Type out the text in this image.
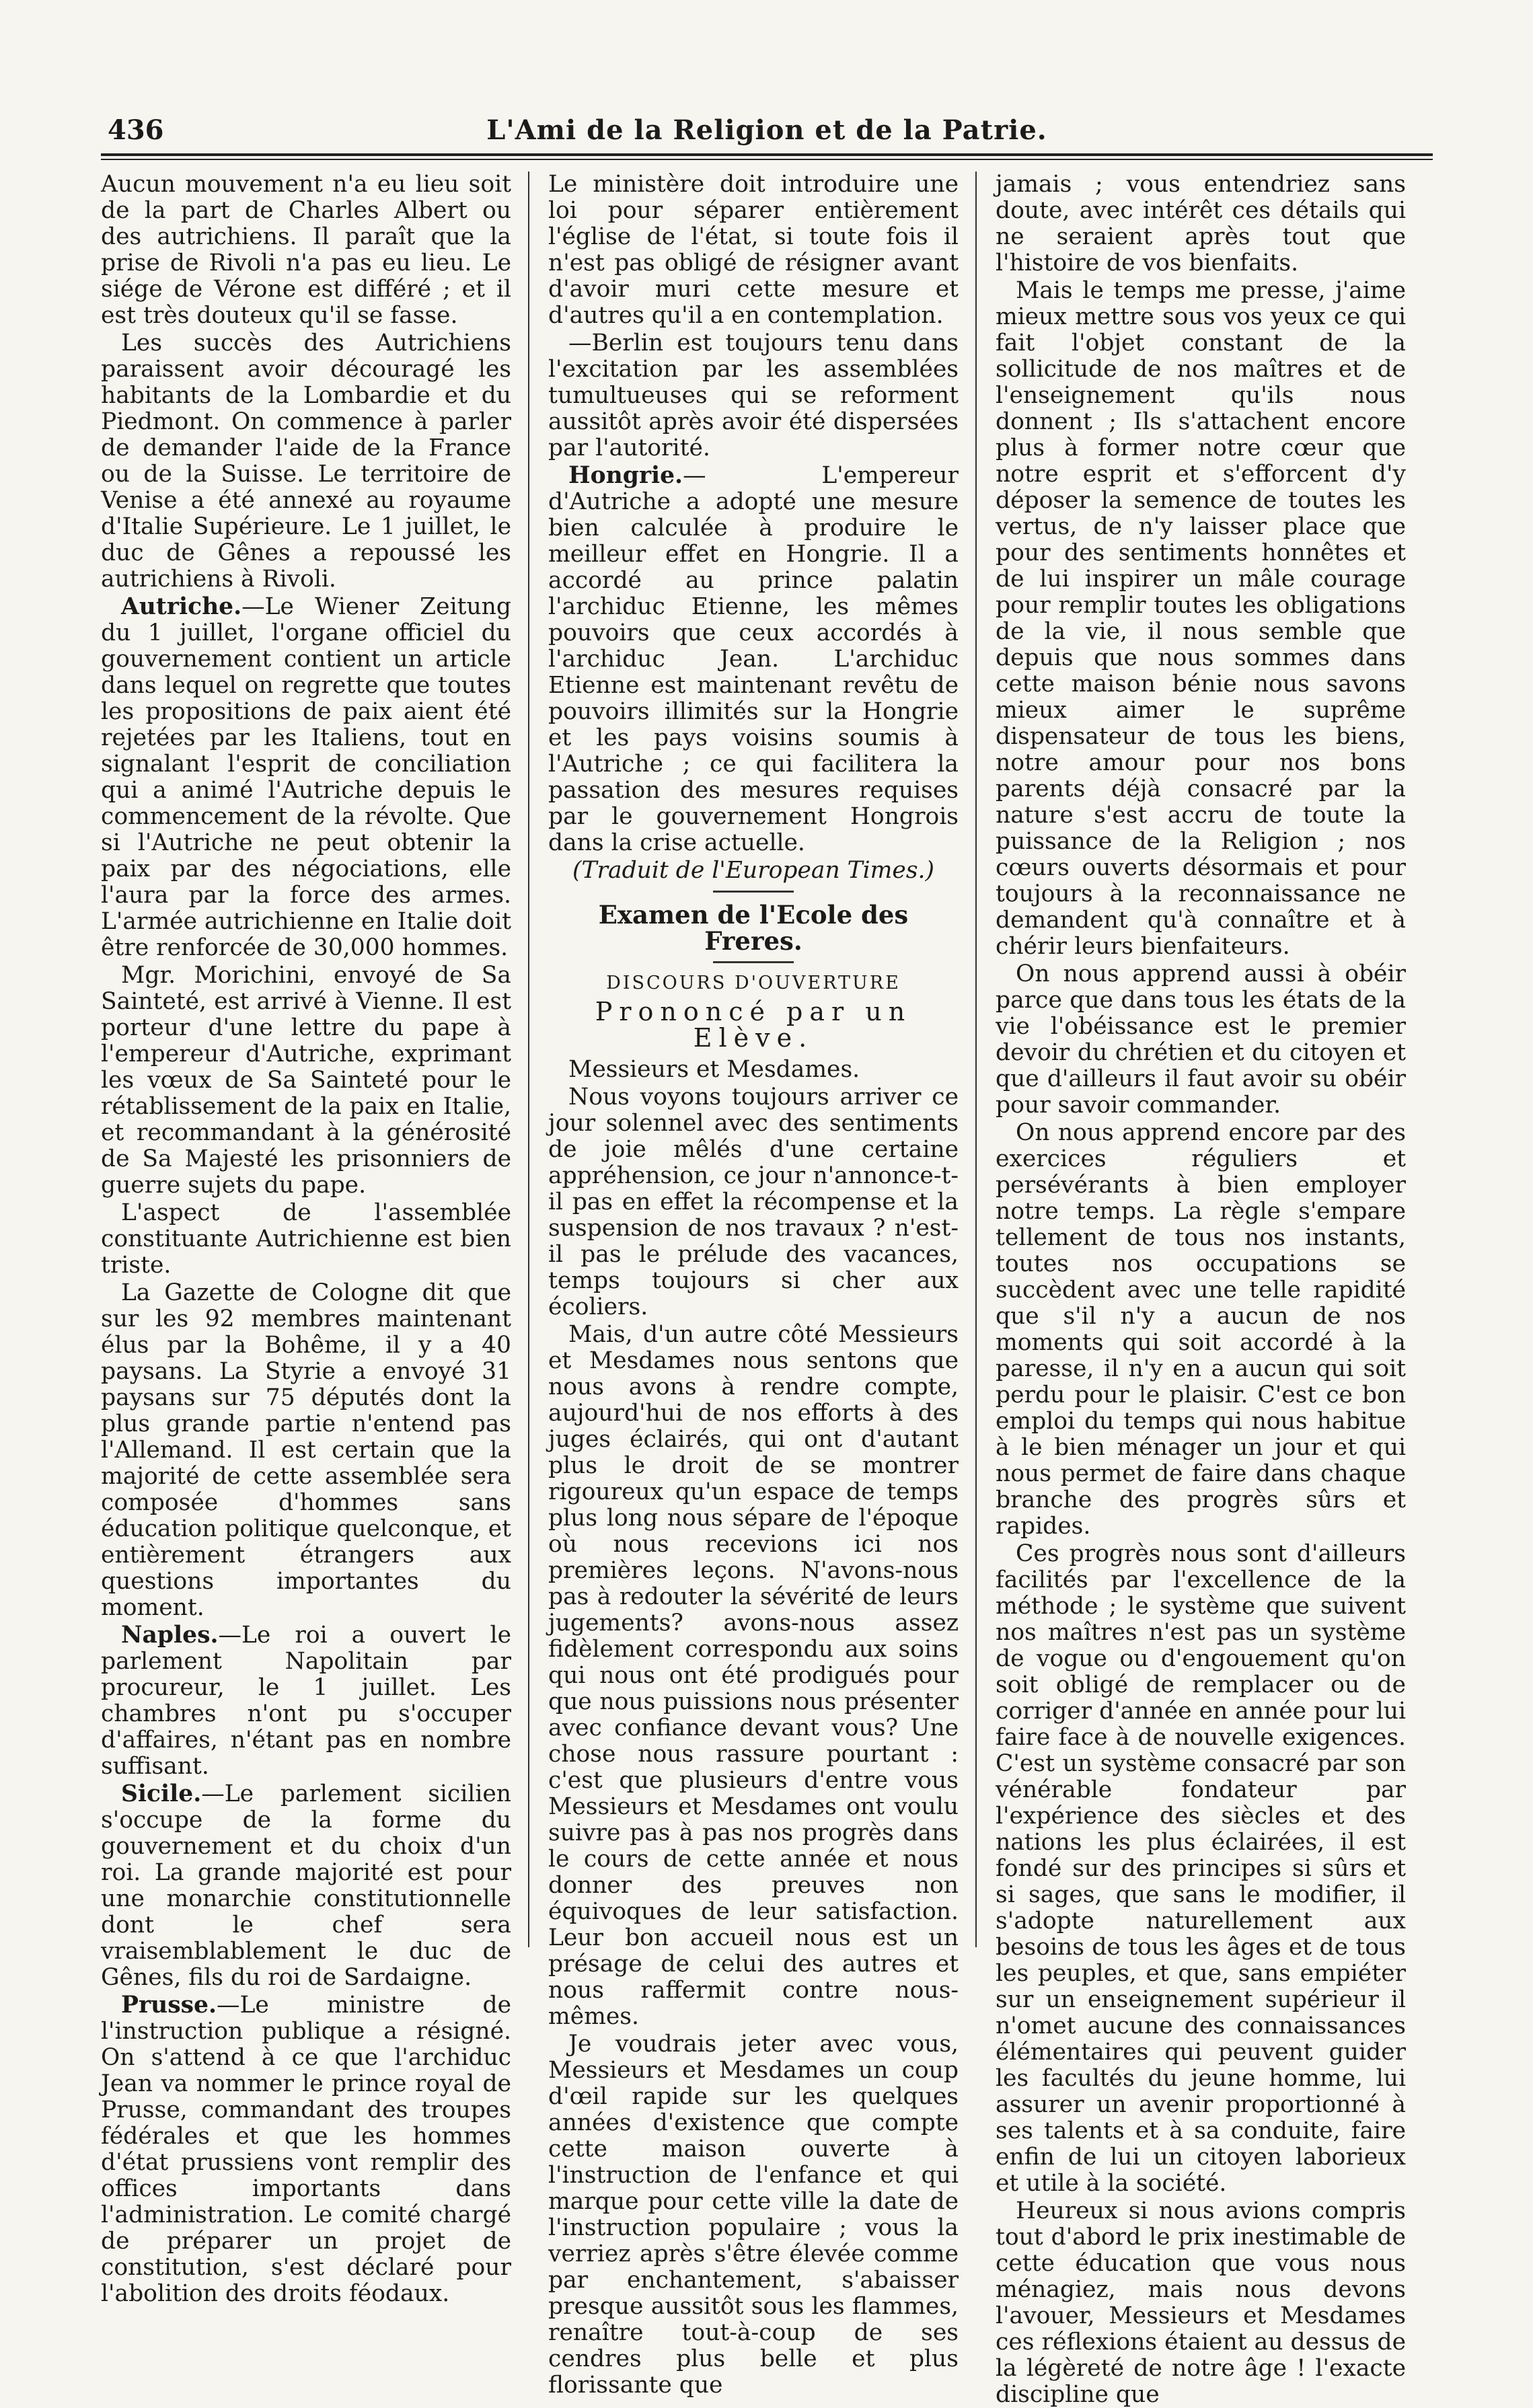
436	L'Ami de la Religion et de la Patrie.

Aucun mouvement n'a eu lieu soit de la part de Charles Albert ou des autrichiens. Il paraît que la prise de Rivoli n'a pas eu lieu. Le siége de Vérone est différé ; et il est très douteux qu'il se fasse.

Les succès des Autrichiens paraissent avoir découragé les habitants de la Lombardie et du Piedmont. On commence à parler de demander l'aide de la France ou de la Suisse. Le territoire de Venise a été annexé au royaume d'Italie Supérieure. Le 1 juillet, le duc de Gênes a repoussé les autrichiens à Rivoli.

Autriche.—Le Wiener Zeitung du 1 juillet, l'organe officiel du gouvernement contient un article dans lequel on regrette que toutes les propositions de paix aient été rejetées par les Italiens, tout en signalant l'esprit de conciliation qui a animé l'Autriche depuis le commencement de la révolte. Que si l'Autriche ne peut obtenir la paix par des négociations, elle l'aura par la force des armes. L'armée autrichienne en Italie doit être renforcée de 30,000 hommes.

Mgr. Morichini, envoyé de Sa Sainteté, est arrivé à Vienne. Il est porteur d'une lettre du pape à l'empereur d'Autriche, exprimant les vœux de Sa Sainteté pour le rétablissement de la paix en Italie, et recommandant à la générosité de Sa Majesté les prisonniers de guerre sujets du pape.

L'aspect de l'assemblée constituante Autrichienne est bien triste.

La Gazette de Cologne dit que sur les 92 membres maintenant élus par la Bohême, il y a 40 paysans. La Styrie a envoyé 31 paysans sur 75 députés dont la plus grande partie n'entend pas l'Allemand. Il est certain que la majorité de cette assemblée sera composée d'hommes sans éducation politique quelconque, et entièrement étrangers aux questions importantes du moment.

Naples.—Le roi a ouvert le parlement Napolitain par procureur, le 1 juillet. Les chambres n'ont pu s'occuper d'affaires, n'étant pas en nombre suffisant.

Sicile.—Le parlement sicilien s'occupe de la forme du gouvernement et du choix d'un roi. La grande majorité est pour une monarchie constitutionnelle dont le chef sera vraisemblablement le duc de Gênes, fils du roi de Sardaigne.

Prusse.—Le ministre de l'instruction publique a résigné. On s'attend à ce que l'archiduc Jean va nommer le prince royal de Prusse, commandant des troupes fédérales et que les hommes d'état prussiens vont remplir des offices importants dans l'administration. Le comité chargé de préparer un projet de constitution, s'est déclaré pour l'abolition des droits féodaux.

Le ministère doit introduire une loi pour séparer entièrement l'église de l'état, si toute fois il n'est pas obligé de résigner avant d'avoir muri cette mesure et d'autres qu'il a en contemplation.

—Berlin est toujours tenu dans l'excitation par les assemblées tumultueuses qui se reforment aussitôt après avoir été dispersées par l'autorité.

Hongrie.— L'empereur d'Autriche a adopté une mesure bien calculée à produire le meilleur effet en Hongrie. Il a accordé au prince palatin l'archiduc Etienne, les mêmes pouvoirs que ceux accordés à l'archiduc Jean. L'archiduc Etienne est maintenant revêtu de pouvoirs illimités sur la Hongrie et les pays voisins soumis à l'Autriche ; ce qui facilitera la passation des mesures requises par le gouvernement Hongrois dans la crise actuelle.

(Traduit de l'European Times.)
Examen de l'Ecole des Freres.
DISCOURS D'OUVERTURE
Prononcé par un Elève.

Messieurs et Mesdames.

Nous voyons toujours arriver ce jour solennel avec des sentiments de joie mêlés d'une certaine appréhension, ce jour n'annonce-t-il pas en effet la récompense et la suspension de nos travaux ? n'est-il pas le prélude des vacances, temps toujours si cher aux écoliers.

Mais, d'un autre côté Messieurs et Mesdames nous sentons que nous avons à rendre compte, aujourd'hui de nos efforts à des juges éclairés, qui ont d'autant plus le droit de se montrer rigoureux qu'un espace de temps plus long nous sépare de l'époque où nous recevions ici nos premières leçons. N'avons-nous pas à redouter la sévérité de leurs jugements? avons-nous assez fidèlement correspondu aux soins qui nous ont été prodigués pour que nous puissions nous présenter avec confiance devant vous? Une chose nous rassure pourtant : c'est que plusieurs d'entre vous Messieurs et Mesdames ont voulu suivre pas à pas nos progrès dans le cours de cette année et nous donner des preuves non équivoques de leur satisfaction. Leur bon accueil nous est un présage de celui des autres et nous raffermit contre nous-mêmes.

Je voudrais jeter avec vous, Messieurs et Mesdames un coup d'œil rapide sur les quelques années d'existence que compte cette maison ouverte à l'instruction de l'enfance et qui marque pour cette ville la date de l'instruction populaire ; vous la verriez après s'être élevée comme par enchantement, s'abaisser presque aussitôt sous les flammes, renaître tout-à-coup de ses cendres plus belle et plus florissante que

jamais ; vous entendriez sans doute, avec intérêt ces détails qui ne seraient après tout que l'histoire de vos bienfaits.

Mais le temps me presse, j'aime mieux mettre sous vos yeux ce qui fait l'objet constant de la sollicitude de nos maîtres et de l'enseignement qu'ils nous donnent ; Ils s'attachent encore plus à former notre cœur que notre esprit et s'efforcent d'y déposer la semence de toutes les vertus, de n'y laisser place que pour des sentiments honnêtes et de lui inspirer un mâle courage pour remplir toutes les obligations de la vie, il nous semble que depuis que nous sommes dans cette maison bénie nous savons mieux aimer le suprême dispensateur de tous les biens, notre amour pour nos bons parents déjà consacré par la nature s'est accru de toute la puissance de la Religion ; nos cœurs ouverts désormais et pour toujours à la reconnaissance ne demandent qu'à connaître et à chérir leurs bienfaiteurs.

On nous apprend aussi à obéir parce que dans tous les états de la vie l'obéissance est le premier devoir du chrétien et du citoyen et que d'ailleurs il faut avoir su obéir pour savoir commander.

On nous apprend encore par des exercices réguliers et persévérants à bien employer notre temps. La règle s'empare tellement de tous nos instants, toutes nos occupations se succèdent avec une telle rapidité que s'il n'y a aucun de nos moments qui soit accordé à la paresse, il n'y en a aucun qui soit perdu pour le plaisir. C'est ce bon emploi du temps qui nous habitue à le bien ménager un jour et qui nous permet de faire dans chaque branche des progrès sûrs et rapides.

Ces progrès nous sont d'ailleurs facilités par l'excellence de la méthode ; le système que suivent nos maîtres n'est pas un système de vogue ou d'engouement qu'on soit obligé de remplacer ou de corriger d'année en année pour lui faire face à de nouvelle exigences. C'est un système consacré par son vénérable fondateur par l'expérience des siècles et des nations les plus éclairées, il est fondé sur des principes si sûrs et si sages, que sans le modifier, il s'adopte naturellement aux besoins de tous les âges et de tous les peuples, et que, sans empiéter sur un enseignement supérieur il n'omet aucune des connaissances élémentaires qui peuvent guider les facultés du jeune homme, lui assurer un avenir proportionné à ses talents et à sa conduite, faire enfin de lui un citoyen laborieux et utile à la société.

Heureux si nous avions compris tout d'abord le prix inestimable de cette éducation que vous nous ménagiez, mais nous devons l'avouer, Messieurs et Mesdames ces réflexions étaient au dessus de la légèreté de notre âge ! l'exacte discipline que
